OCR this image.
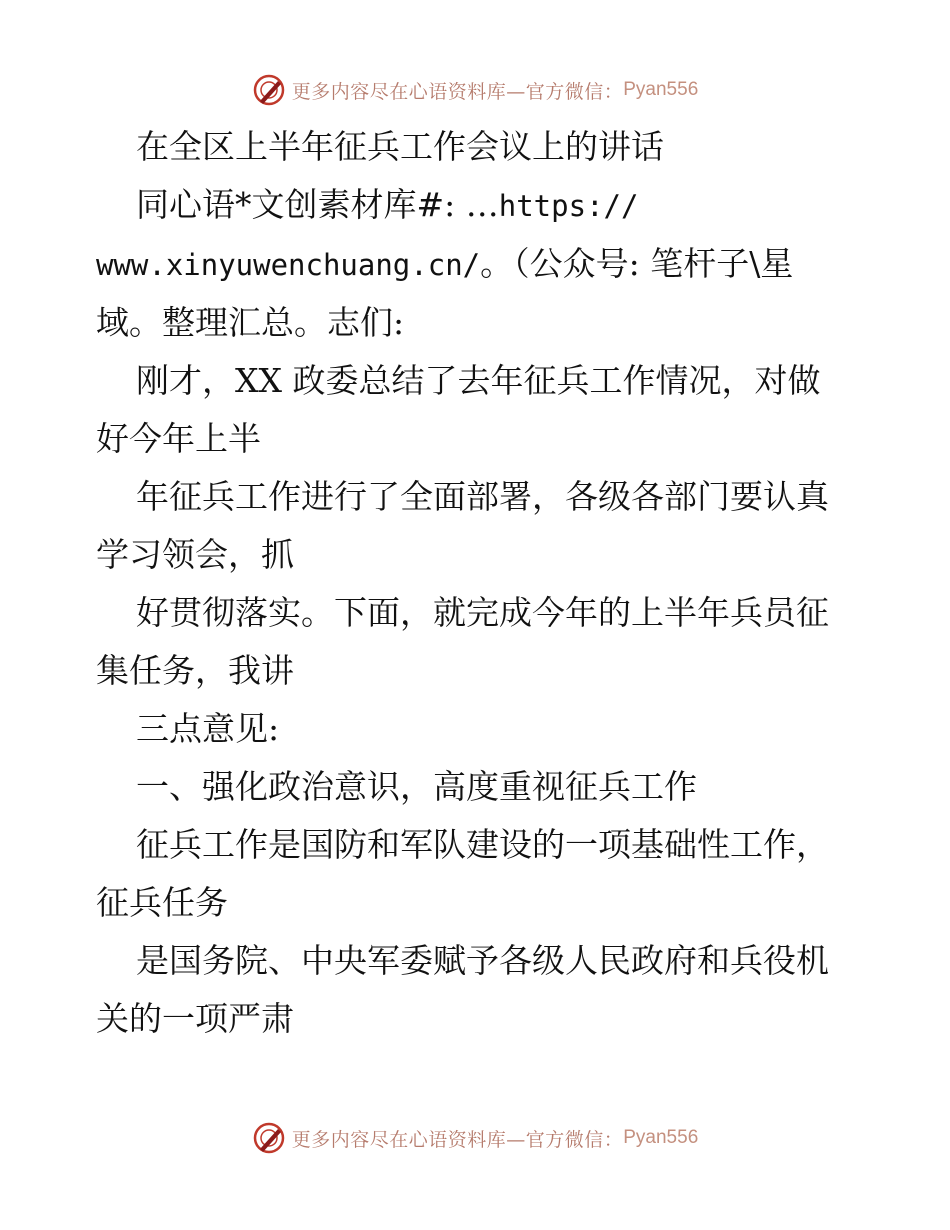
更多内容尽在心语资料库—官方微信： Pyan556
在全区上半年征兵工作会议上的讲话
同心语*文创素材库#: …https://
www.xinyuwenchuang.cn/。（公众号: 笔杆子\星
域。整理汇总。志们:
刚才，XX 政委总结了去年征兵工作情况，对做
好今年上半
年征兵工作进行了全面部署，各级各部门要认真
学习领会，抓
好贯彻落实。下面，就完成今年的上半年兵员征
集任务，我讲
三点意见:
一、强化政治意识，高度重视征兵工作
征兵工作是国防和军队建设的一项基础性工作，
征兵任务
是国务院、中央军委赋予各级人民政府和兵役机
关的一项严肃
更多内容尽在心语资料库—官方微信： Pyan556
